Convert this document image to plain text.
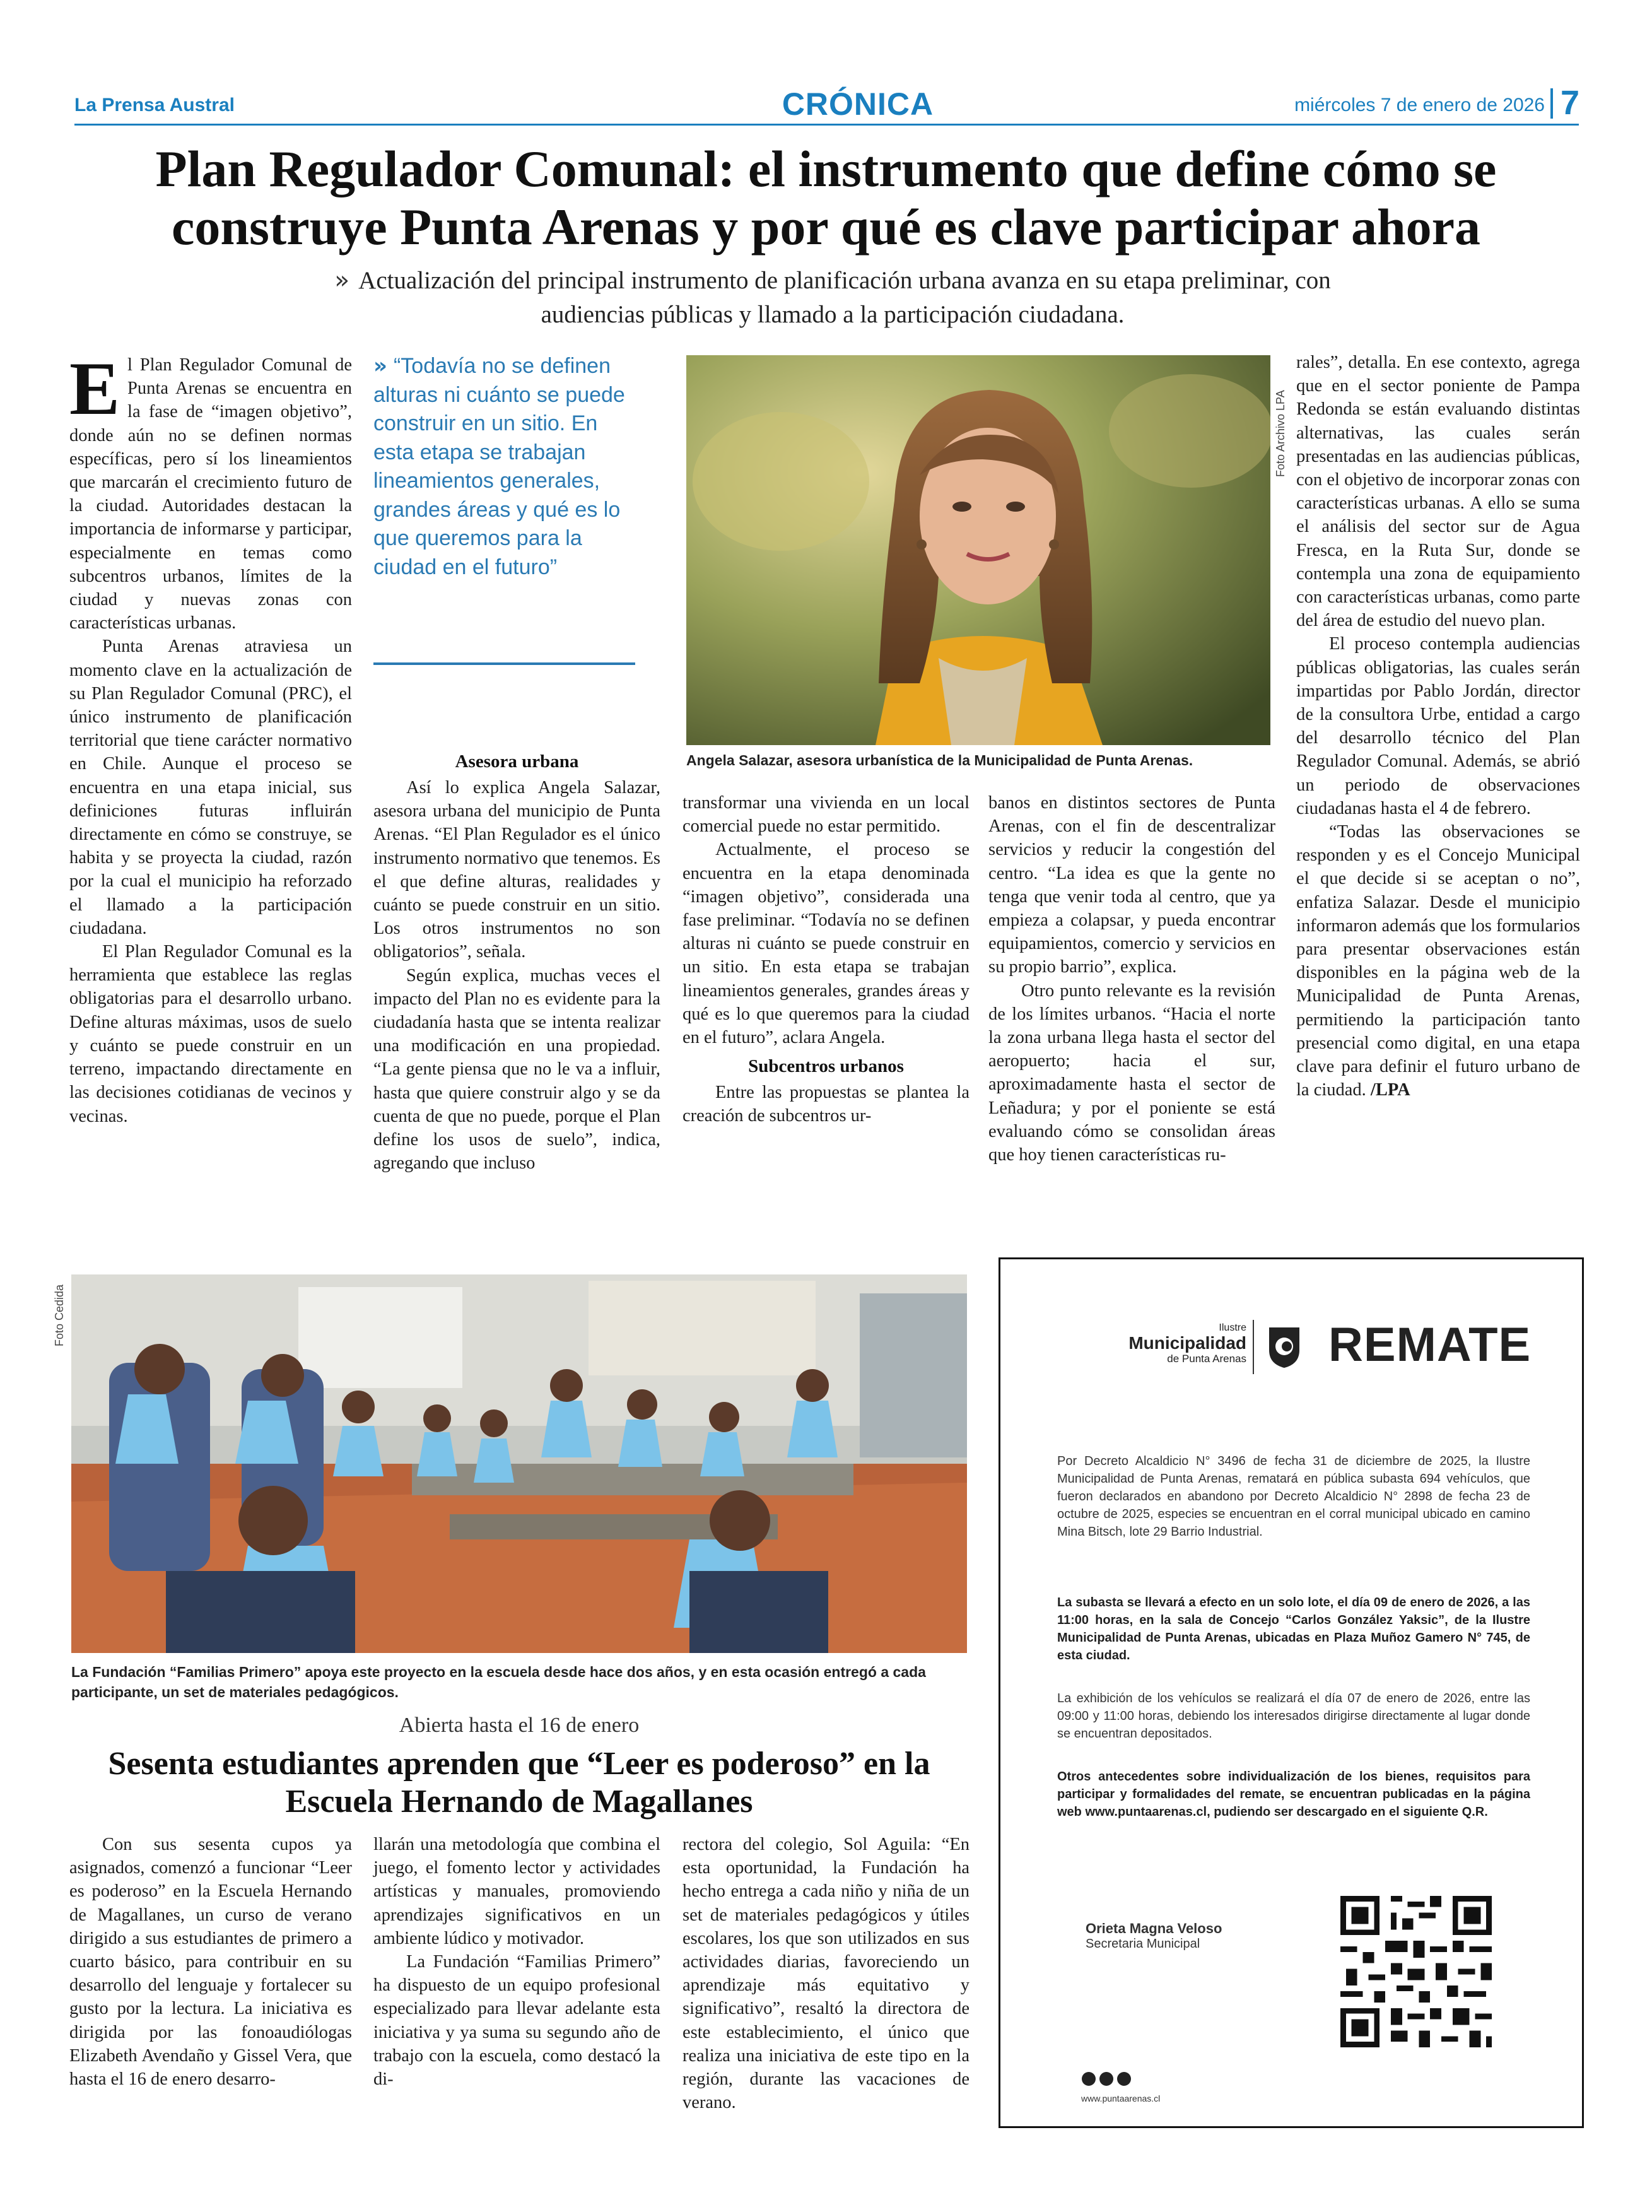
La Prensa Austral	CRÓNICA	miércoles 7 de enero de 2026 7
Plan Regulador Comunal: el instrumento que define cómo se construye Punta Arenas y por qué es clave participar ahora
» Actualización del principal instrumento de planificación urbana avanza en su etapa preliminar, con audiencias públicas y llamado a la participación ciudadana.
E l Plan Regulador Comunal de Punta Arenas se encuentra en la fase de “imagen objetivo”, donde aún no se definen normas específicas, pero sí los lineamientos que marcarán el crecimiento futuro de la ciudad. Autoridades destacan la importancia de informarse y participar, especialmente en temas como subcentros urbanos, límites de la ciudad y nuevas zonas con características urbanas.

Punta Arenas atraviesa un momento clave en la actualización de su Plan Regulador Comunal (PRC), el único instrumento de planificación territorial que tiene carácter normativo en Chile. Aunque el proceso se encuentra en una etapa inicial, sus definiciones futuras influirán directamente en cómo se construye, se habita y se proyecta la ciudad, razón por la cual el municipio ha reforzado el llamado a la participación ciudadana.

El Plan Regulador Comunal es la herramienta que establece las reglas obligatorias para el desarrollo urbano. Define alturas máximas, usos de suelo y cuánto se puede construir en un terreno, impactando directamente en las decisiones cotidianas de vecinos y vecinas.

» “Todavía no se definen alturas ni cuánto se puede construir en un sitio. En esta etapa se trabajan lineamientos generales, grandes áreas y qué es lo que queremos para la ciudad en el futuro”
Asesora urbana

Así lo explica Angela Salazar, asesora urbana del municipio de Punta Arenas. “El Plan Regulador es el único instrumento normativo que tenemos. Es el que define alturas, realidades y cuánto se puede construir en un sitio. Los otros instrumentos no son obligatorios”, señala.

Según explica, muchas veces el impacto del Plan no es evidente para la ciudadanía hasta que se intenta realizar una modificación en una propiedad. “La gente piensa que no le va a influir, hasta que quiere construir algo y se da cuenta de que no puede, porque el Plan define los usos de suelo”, indica, agregando que incluso

Foto Archivo LPA
Angela Salazar, asesora urbanística de la Municipalidad de Punta Arenas.

transformar una vivienda en un local comercial puede no estar permitido.

Actualmente, el proceso se encuentra en la etapa denominada “imagen objetivo”, considerada una fase preliminar. “Todavía no se definen alturas ni cuánto se puede construir en un sitio. En esta etapa se trabajan lineamientos generales, grandes áreas y qué es lo que queremos para la ciudad en el futuro”, aclara Angela.

Subcentros urbanos

Entre las propuestas se plantea la creación de subcentros ur-

banos en distintos sectores de Punta Arenas, con el fin de descentralizar servicios y reducir la congestión del centro. “La idea es que la gente no tenga que venir toda al centro, que ya empieza a colapsar, y pueda encontrar equipamientos, comercio y servicios en su propio barrio”, explica.

Otro punto relevante es la revisión de los límites urbanos. “Hacia el norte la zona urbana llega hasta el sector del aeropuerto; hacia el sur, aproximadamente hasta el sector de Leñadura; y por el poniente se está evaluando cómo se consolidan áreas que hoy tienen características ru-

rales”, detalla. En ese contexto, agrega que en el sector poniente de Pampa Redonda se están evaluando distintas alternativas, las cuales serán presentadas en las audiencias públicas, con el objetivo de incorporar zonas con características urbanas. A ello se suma el análisis del sector sur de Agua Fresca, en la Ruta Sur, donde se contempla una zona de equipamiento con características urbanas, como parte del área de estudio del nuevo plan.

El proceso contempla audiencias públicas obligatorias, las cuales serán impartidas por Pablo Jordán, director de la consultora Urbe, entidad a cargo del desarrollo técnico del Plan Regulador Comunal. Además, se abrió un periodo de observaciones ciudadanas hasta el 4 de febrero.

“Todas las observaciones se responden y es el Concejo Municipal el que decide si se aceptan o no”, enfatiza Salazar. Desde el municipio informaron además que los formularios para presentar observaciones están disponibles en la página web de la Municipalidad de Punta Arenas, permitiendo la participación tanto presencial como digital, en una etapa clave para definir el futuro urbano de la ciudad. /LPA

Foto Cedida
La Fundación “Familias Primero” apoya este proyecto en la escuela desde hace dos años, y en esta ocasión entregó a cada participante, un set de materiales pedagógicos.
Abierta hasta el 16 de enero
Sesenta estudiantes aprenden que “Leer es poderoso” en la Escuela Hernando de Magallanes

Con sus sesenta cupos ya asignados, comenzó a funcionar “Leer es poderoso” en la Escuela Hernando de Magallanes, un curso de verano dirigido a sus estudiantes de primero a cuarto básico, para contribuir en su desarrollo del lenguaje y fortalecer su gusto por la lectura. La iniciativa es dirigida por las fonoaudiólogas Elizabeth Avendaño y Gissel Vera, que hasta el 16 de enero desarro-

llarán una metodología que combina el juego, el fomento lector y actividades artísticas y manuales, promoviendo aprendizajes significativos en un ambiente lúdico y motivador.

La Fundación “Familias Primero” ha dispuesto de un equipo profesional especializado para llevar adelante esta iniciativa y ya suma su segundo año de trabajo con la escuela, como destacó la di-

rectora del colegio, Sol Aguila: “En esta oportunidad, la Fundación ha hecho entrega a cada niño y niña de un set de materiales pedagógicos y útiles escolares, los que son utilizados en sus actividades diarias, favoreciendo un aprendizaje más equitativo y significativo”, resaltó la directora de este establecimiento, el único que realiza una iniciativa de este tipo en la región, durante las vacaciones de verano.

Ilustre
Municipalidad
de Punta Arenas REMATE
Por Decreto Alcaldicio N° 3496 de fecha 31 de diciembre de 2025, la Ilustre Municipalidad de Punta Arenas, rematará en pública subasta 694 vehículos, que fueron declarados en abandono por Decreto Alcaldicio N° 2898 de fecha 23 de octubre de 2025, especies se encuentran en el corral municipal ubicado en camino Mina Bitsch, lote 29 Barrio Industrial.
La subasta se llevará a efecto en un solo lote, el día 09 de enero de 2026, a las 11:00 horas, en la sala de Concejo “Carlos González Yaksic”, de la Ilustre Municipalidad de Punta Arenas, ubicadas en Plaza Muñoz Gamero N° 745, de esta ciudad.
La exhibición de los vehículos se realizará el día 07 de enero de 2026, entre las 09:00 y 11:00 horas, debiendo los interesados dirigirse directamente al lugar donde se encuentran depositados.
Otros antecedentes sobre individualización de los bienes, requisitos para participar y formalidades del remate, se encuentran publicadas en la página web www.puntaarenas.cl, pudiendo ser descargado en el siguiente Q.R.
Orieta Magna Veloso
Secretaria Municipal
www.puntaarenas.cl
